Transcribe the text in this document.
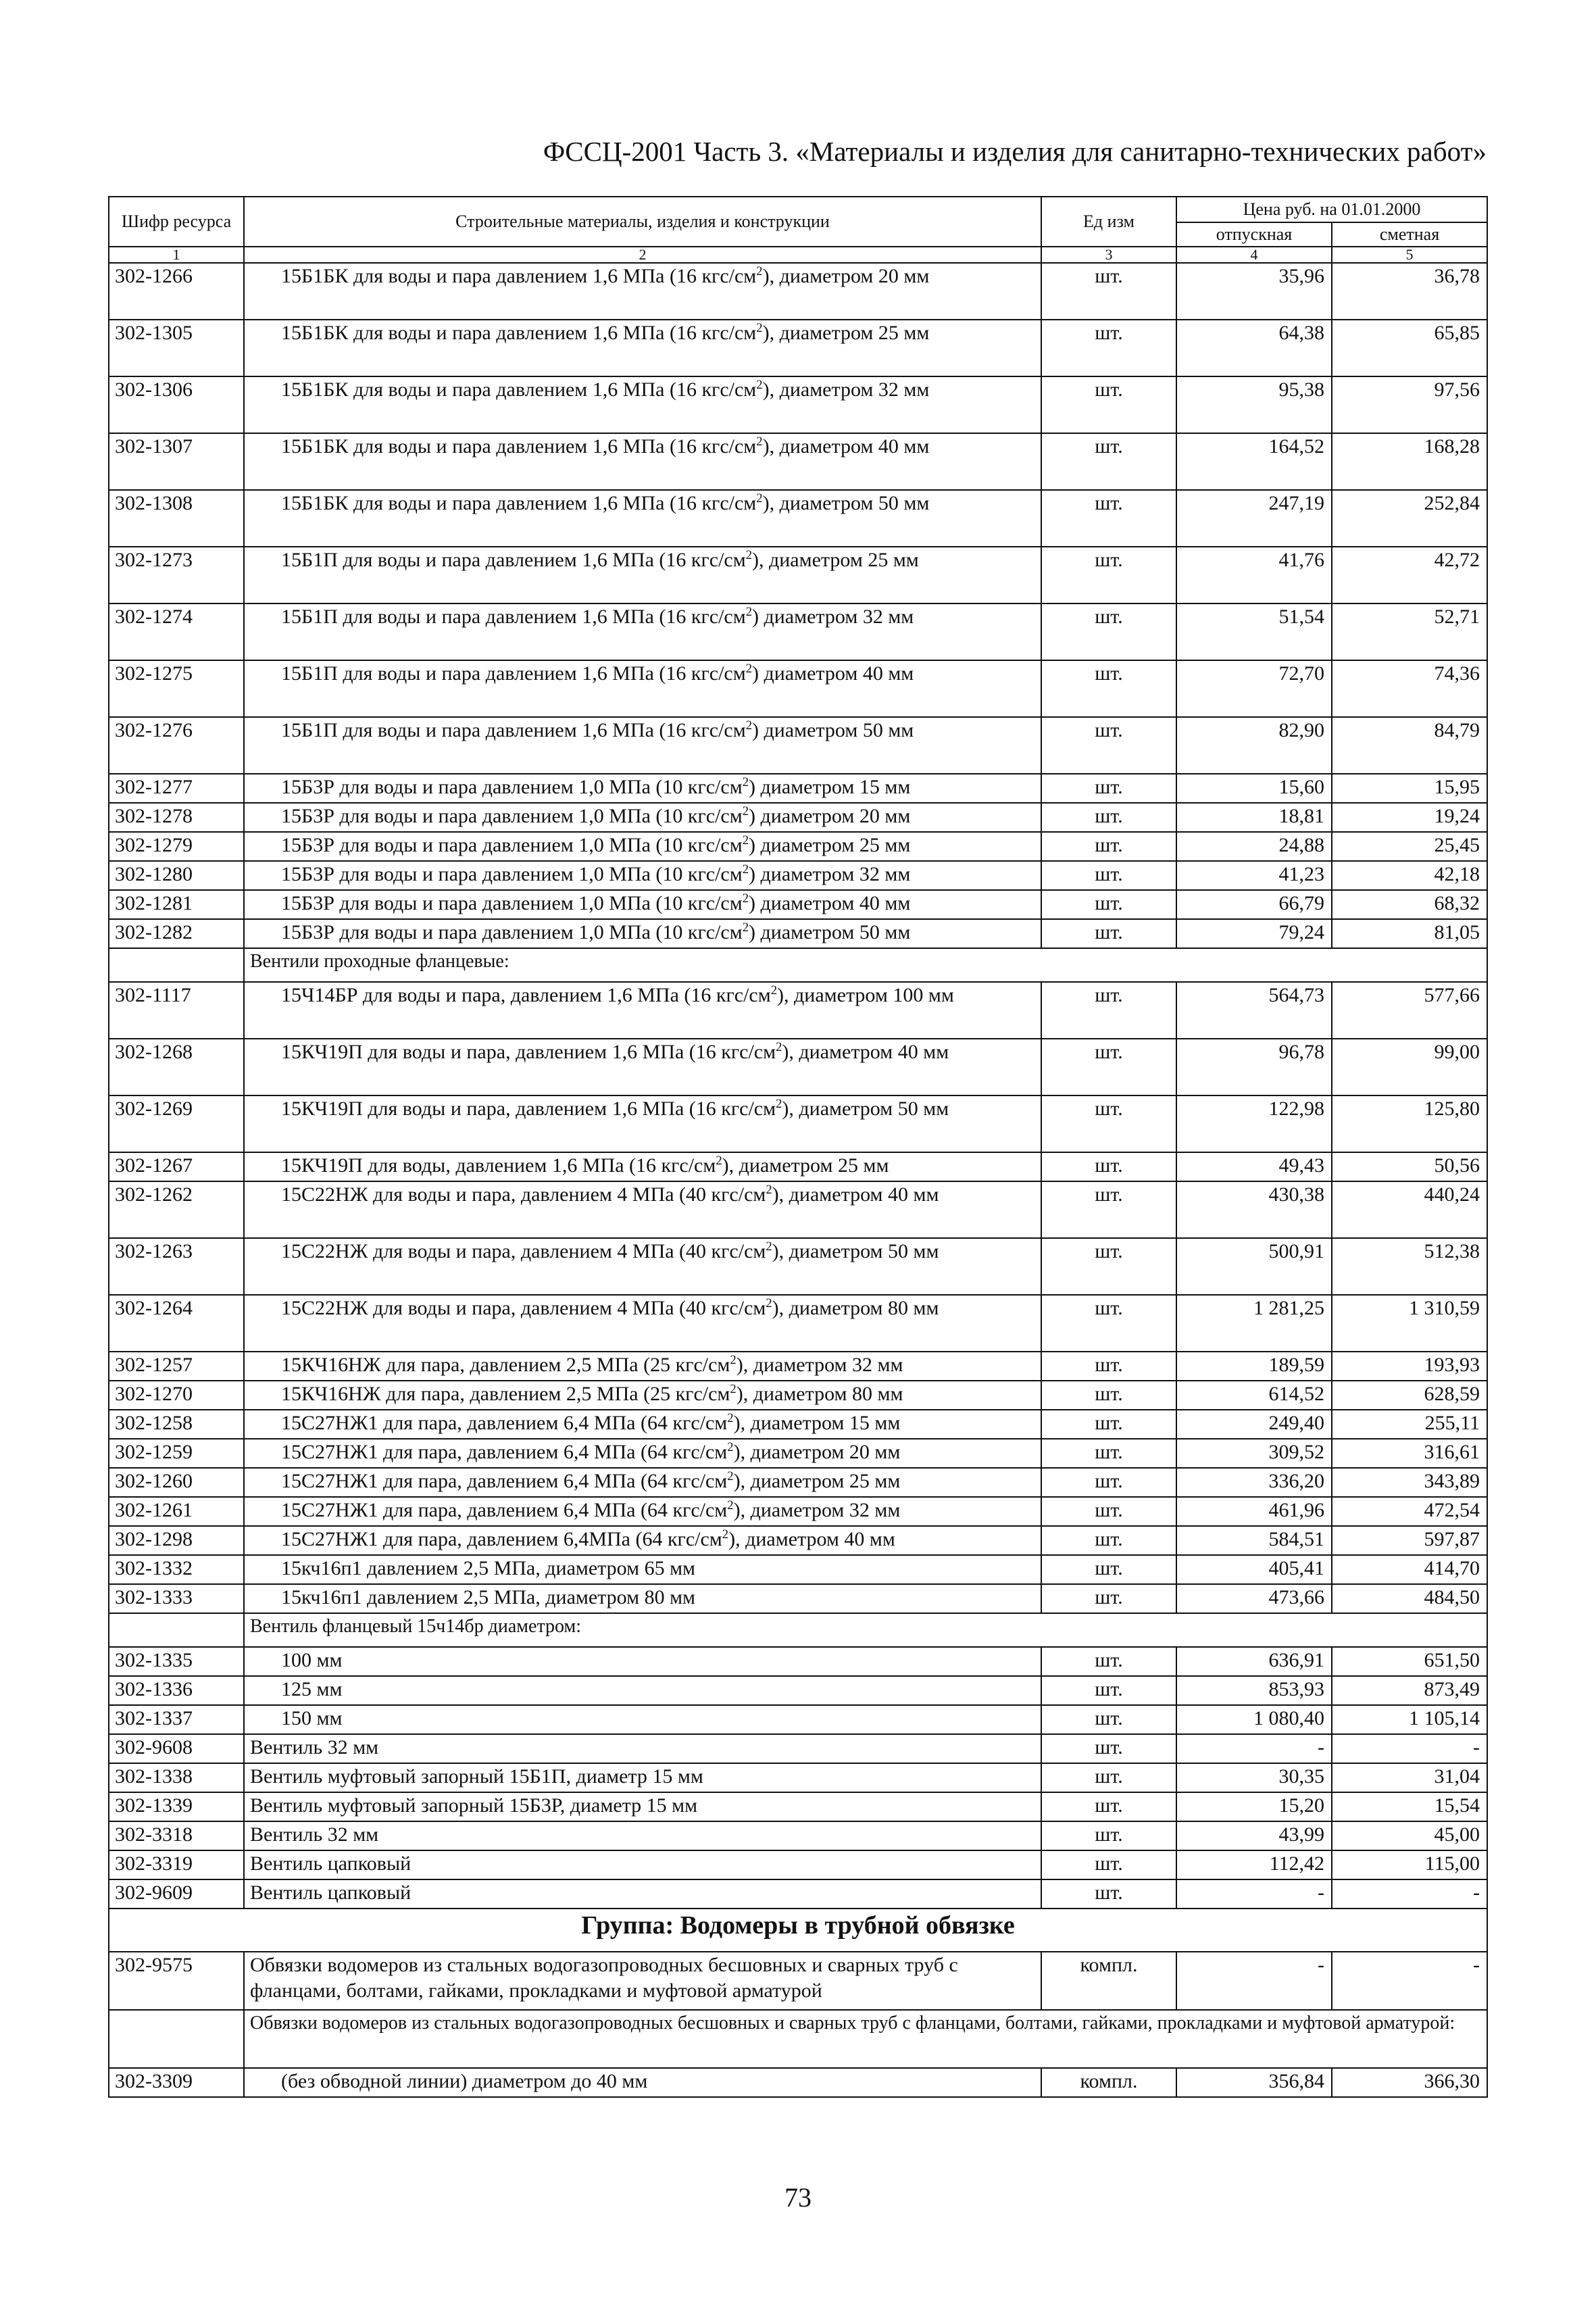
ФССЦ-2001 Часть 3. «Материалы и изделия для санитарно-технических работ»
Шифр ресурса	Строительные материалы, изделия и конструкции	Ед изм	Цена руб. на 01.01.2000	
			отпускная	сметная
1	2	3	4	5
302-1266	15Б1БК для воды и пара давлением 1,6 МПа (16 кгс/$см^2$), диаметром 20 мм	шт.	35,96	36,78
302-1305	15Б1БК для воды и пара давлением 1,6 МПа (16 кгс/$см^2$), диаметром 25 мм	шт.	64,38	65,85
302-1306	15Б1БК для воды и пара давлением 1,6 МПа (16 кгс/$см^2$), диаметром 32 мм	шт.	95,38	97,56
302-1307	15Б1БК для воды и пара давлением 1,6 МПа (16 кгс/$см^2$), диаметром 40 мм	шт.	164,52	168,28
302-1308	15Б1БК для воды и пара давлением 1,6 МПа (16 кгс/$см^2$), диаметром 50 мм	шт.	247,19	252,84
302-1273	15Б1П для воды и пара давлением 1,6 МПа (16 кгс/$см^2$), диаметром 25 мм	шт.	41,76	42,72
302-1274	15Б1П для воды и пара давлением 1,6 МПа (16 кгс/$см^2$) диаметром 32 мм	шт.	51,54	52,71
302-1275	15Б1П для воды и пара давлением 1,6 МПа (16 кгс/$см^2$) диаметром 40 мм	шт.	72,70	74,36
302-1276	15Б1П для воды и пара давлением 1,6 МПа (16 кгс/$см^2$) диаметром 50 мм	шт.	82,90	84,79
302-1277	15Б3Р для воды и пара давлением 1,0 МПа (10 кгс/$см^2$) диаметром 15 мм	шт.	15,60	15,95
302-1278	15Б3Р для воды и пара давлением 1,0 МПа (10 кгс/$см^2$) диаметром 20 мм	шт.	18,81	19,24
302-1279	15Б3Р для воды и пара давлением 1,0 МПа (10 кгс/$см^2$) диаметром 25 мм	шт.	24,88	25,45
302-1280	15Б3Р для воды и пара давлением 1,0 МПа (10 кгс/$см^2$) диаметром 32 мм	шт.	41,23	42,18
302-1281	15Б3Р для воды и пара давлением 1,0 МПа (10 кгс/$см^2$) диаметром 40 мм	шт.	66,79	68,32
302-1282	15Б3Р для воды и пара давлением 1,0 МПа (10 кгс/$см^2$) диаметром 50 мм	шт.	79,24	81,05
	Вентили проходные фланцевые:			
302-1117	15Ч14БР для воды и пара, давлением 1,6 МПа (16 кгс/$см^2$), диаметром 100 мм	шт.	564,73	577,66
302-1268	15КЧ19П для воды и пара, давлением 1,6 МПа (16 кгс/$см^2$), диаметром 40 мм	шт.	96,78	99,00
302-1269	15КЧ19П для воды и пара, давлением 1,6 МПа (16 кгс/$см^2$), диаметром 50 мм	шт.	122,98	125,80
302-1267	15КЧ19П для воды, давлением 1,6 МПа (16 кгс/$см^2$), диаметром 25 мм	шт.	49,43	50,56
302-1262	15С22НЖ для воды и пара, давлением 4 МПа (40 кгс/$см^2$), диаметром 40 мм	шт.	430,38	440,24
302-1263	15С22НЖ для воды и пара, давлением 4 МПа (40 кгс/$см^2$), диаметром 50 мм	шт.	500,91	512,38
302-1264	15С22НЖ для воды и пара, давлением 4 МПа (40 кгс/$см^2$), диаметром 80 мм	шт.	1 281,25	1 310,59
302-1257	15КЧ16НЖ для пара, давлением 2,5 МПа (25 кгс/$см^2$), диаметром 32 мм	шт.	189,59	193,93
302-1270	15КЧ16НЖ для пара, давлением 2,5 МПа (25 кгс/$см^2$), диаметром 80 мм	шт.	614,52	628,59
302-1258	15С27НЖ1 для пара, давлением 6,4 МПа (64 кгс/$см^2$), диаметром 15 мм	шт.	249,40	255,11
302-1259	15С27НЖ1 для пара, давлением 6,4 МПа (64 кгс/$см^2$), диаметром 20 мм	шт.	309,52	316,61
302-1260	15С27НЖ1 для пара, давлением 6,4 МПа (64 кгс/$см^2$), диаметром 25 мм	шт.	336,20	343,89
302-1261	15С27НЖ1 для пара, давлением 6,4 МПа (64 кгс/$см^2$), диаметром 32 мм	шт.	461,96	472,54
302-1298	15С27НЖ1 для пара, давлением 6,4МПа (64 кгс/$см^2$), диаметром 40 мм	шт.	584,51	597,87
302-1332	15кч16п1 давлением 2,5 МПа, диаметром 65 мм	шт.	405,41	414,70
302-1333	15кч16п1 давлением 2,5 МПа, диаметром 80 мм	шт.	473,66	484,50
	Вентиль фланцевый 15ч14бр диаметром:			
302-1335	100 мм	шт.	636,91	651,50
302-1336	125 мм	шт.	853,93	873,49
302-1337	150 мм	шт.	1 080,40	1 105,14
302-9608	Вентиль 32 мм	шт.	-	-
302-1338	Вентиль муфтовый запорный 15Б1П, диаметр 15 мм	шт.	30,35	31,04
302-1339	Вентиль муфтовый запорный 15Б3Р, диаметр 15 мм	шт.	15,20	15,54
302-3318	Вентиль 32 мм	шт.	43,99	45,00
302-3319	Вентиль цапковый	шт.	112,42	115,00
302-9609	Вентиль цапковый	шт.	-	-
Группа: Водомеры в трубной обвязке				
302-9575	Обвязки водомеров из стальных водогазопроводных бесшовных и сварных труб с фланцами, болтами, гайками, прокладками и муфтовой арматурой	компл.	-	-
	Обвязки водомеров из стальных водогазопроводных бесшовных и сварных труб с фланцами, болтами, гайками, прокладками и муфтовой арматурой:			
302-3309	(без обводной линии) диаметром до 40 мм	компл.	356,84	366,30
73
